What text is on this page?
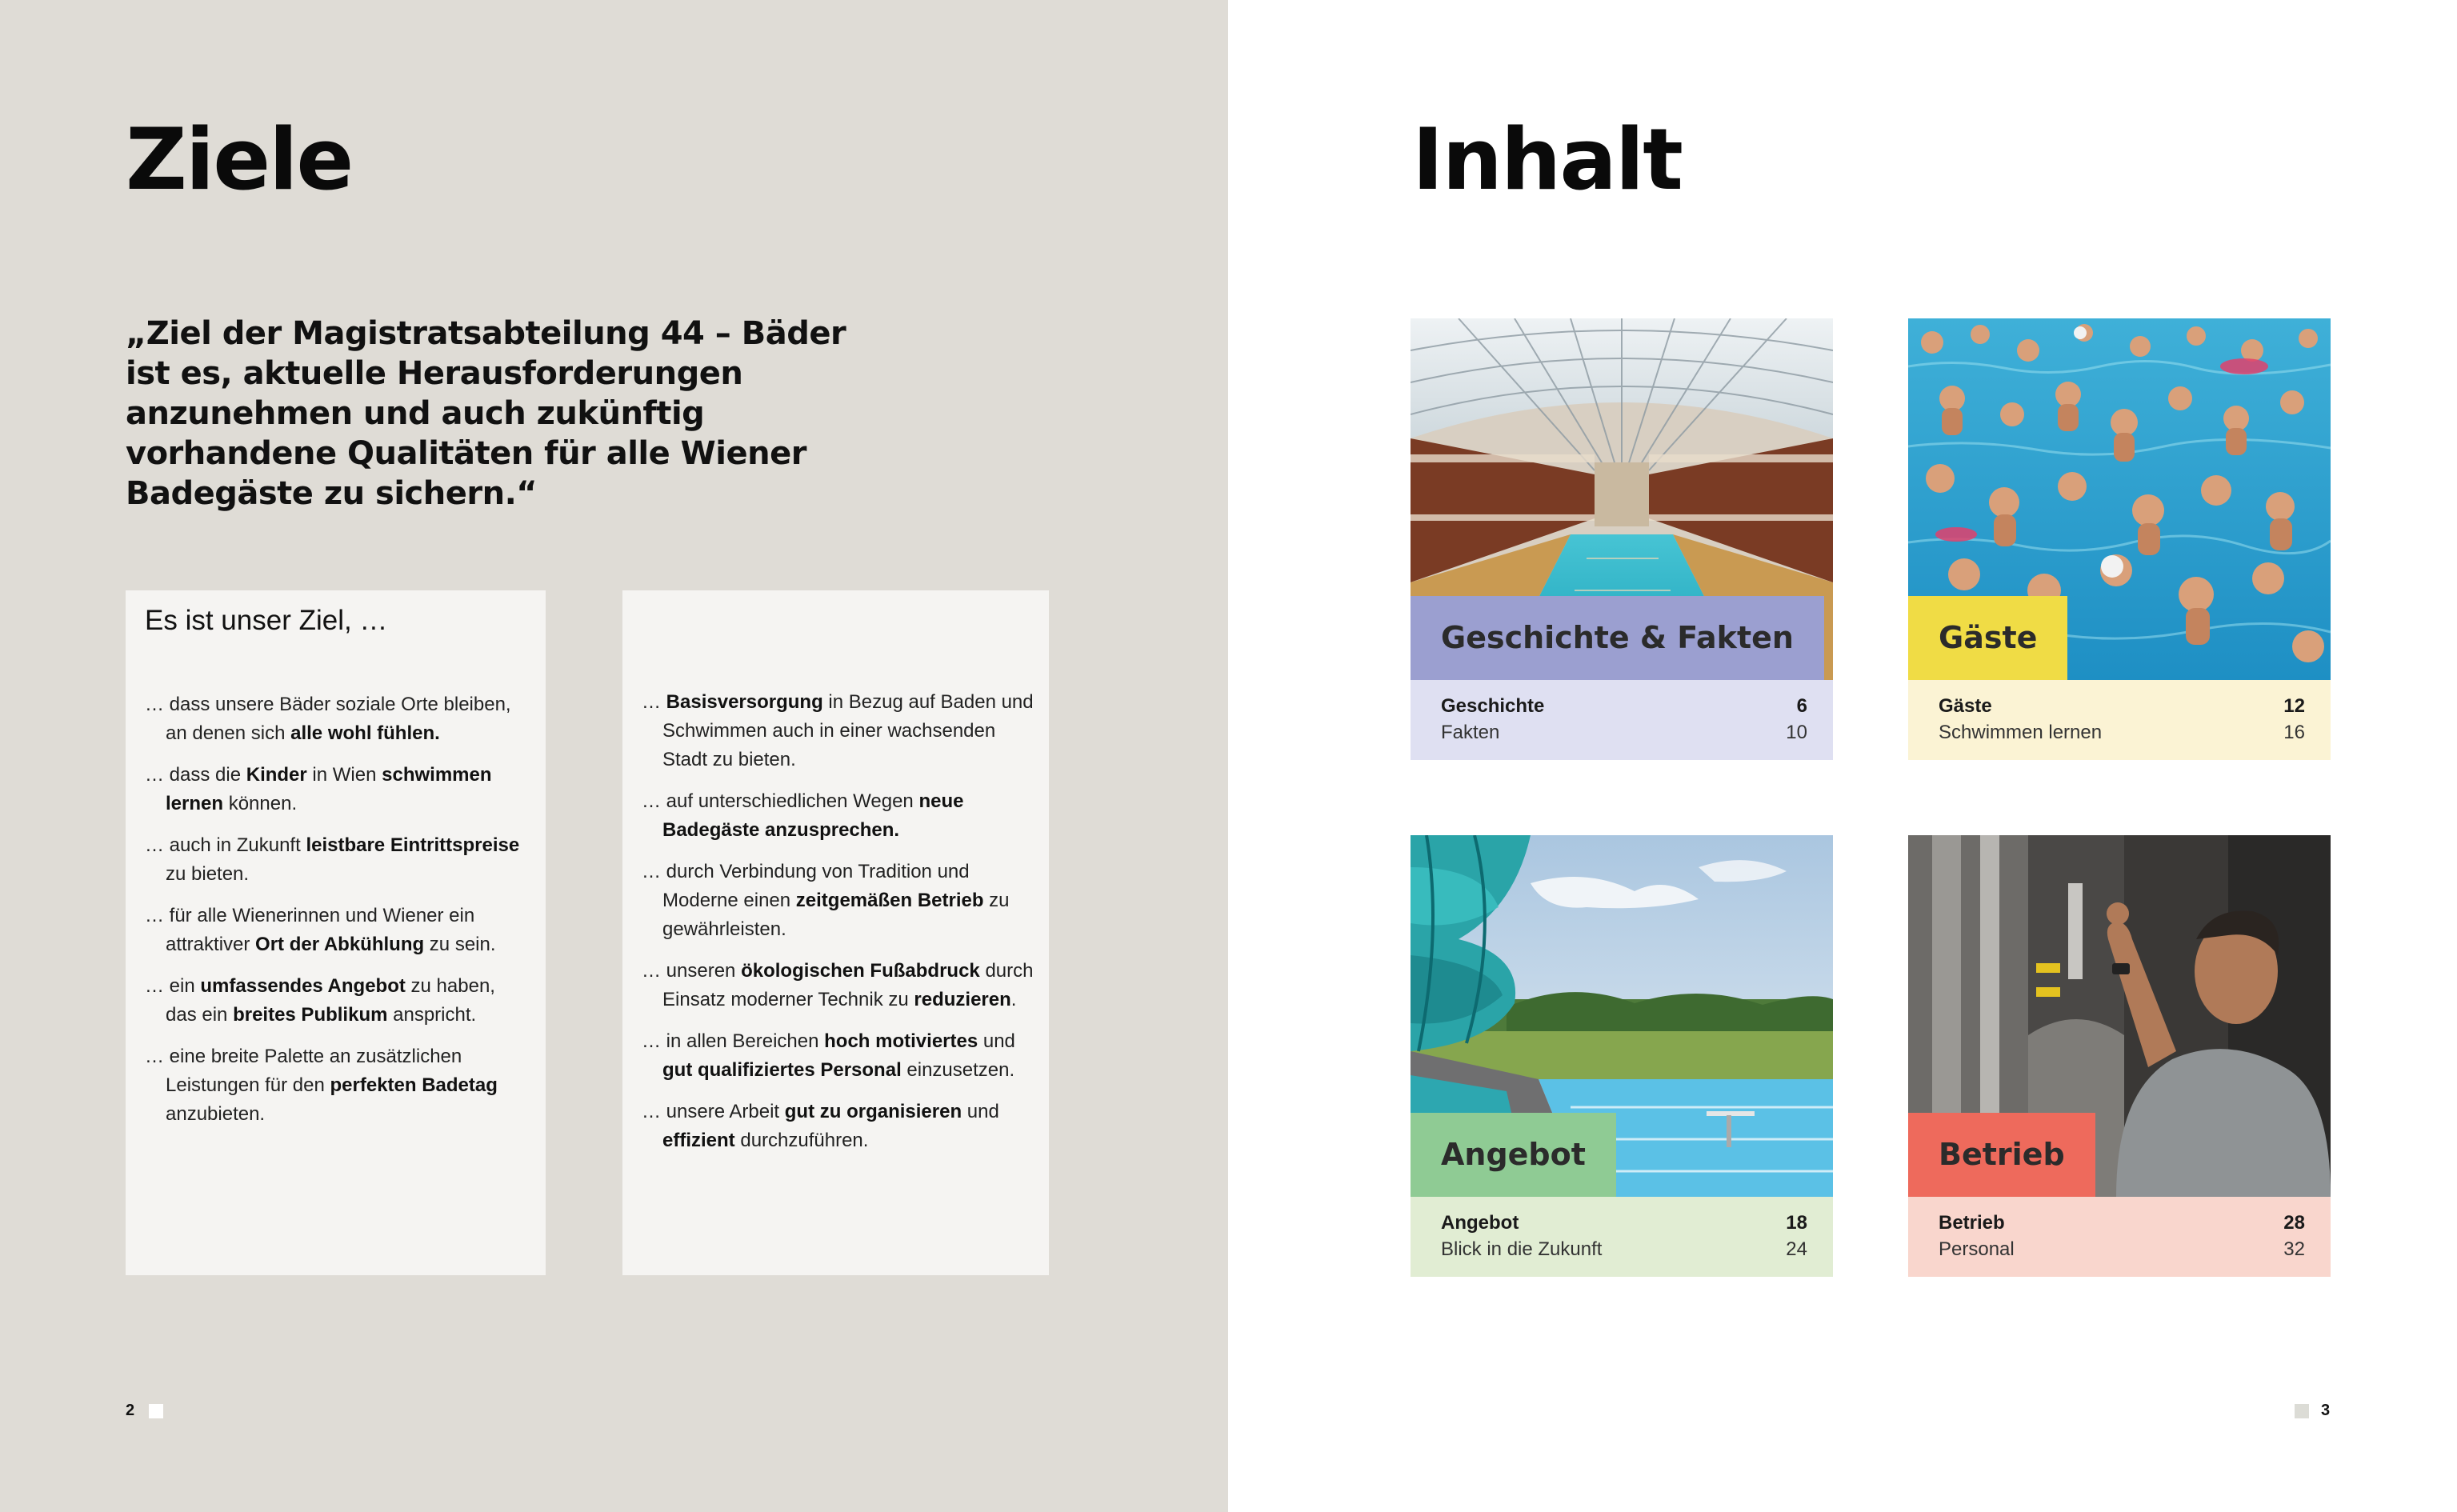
Ziele

„Ziel der Magistratsabteilung 44 – Bäder ist es, aktuelle Herausforderungen anzunehmen und auch zukünftig vorhandene Qualitäten für alle Wiener Badegäste zu sichern.“

Es ist unser Ziel, …
… dass unsere Bäder soziale Orte bleiben, an denen sich alle wohl fühlen.
… dass die Kinder in Wien schwimmen lernen können.
… auch in Zukunft leistbare Eintrittspreise zu bieten.
… für alle Wienerinnen und Wiener ein attraktiver Ort der Abkühlung zu sein.
… ein umfassendes Angebot zu haben, das ein breites Publikum anspricht.
… eine breite Palette an zusätzlichen Leistungen für den perfekten Badetag anzubieten.
… Basisversorgung in Bezug auf Baden und Schwimmen auch in einer wachsenden Stadt zu bieten.
… auf unterschiedlichen Wegen neue Badegäste anzusprechen.
… durch Verbindung von Tradition und Moderne einen zeitgemäßen Betrieb zu gewährleisten.
… unseren ökologischen Fußabdruck durch Einsatz moderner Technik zu reduzieren.
… in allen Bereichen hoch motiviertes und gut qualifiziertes Personal einzusetzen.
… unsere Arbeit gut zu organisieren und effizient durchzuführen.
2
Inhalt
Geschichte & Fakten
Geschichte	6
Fakten	10
Gäste
Gäste	12
Schwimmen lernen	16
Angebot
Angebot	18
Blick in die Zukunft	24
Betrieb
Betrieb	28
Personal	32
3
